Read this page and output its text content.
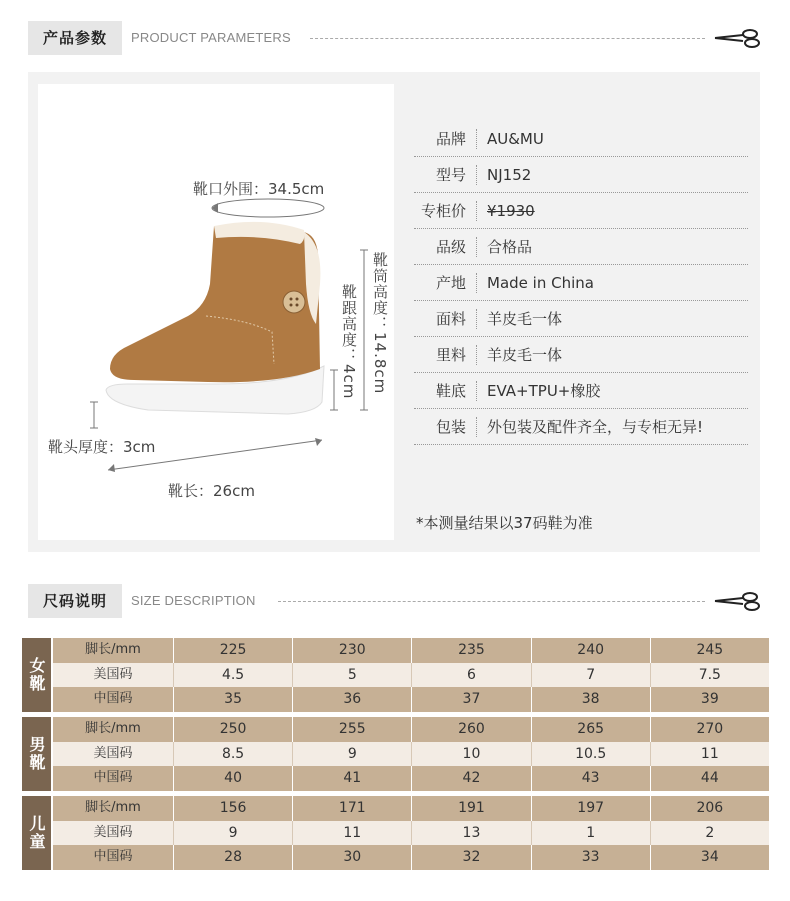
产品参数	PRODUCT PARAMETERS
靴口外围：34.5cm
靴筒高度：14.8cm
靴跟高度：4cm
靴头厚度：3cm
靴长：26cm
品牌 AU&MU
型号 NJ152
专柜价 ¥1930
品级 合格品
产地 Made in China
面料 羊皮毛一体
里料 羊皮毛一体
鞋底 EVA+TPU+橡胶
包装 外包装及配件齐全，与专柜无异!
*本测量结果以37码鞋为准
尺码说明	SIZE DESCRIPTION
女靴
脚长/mm	225	230	235	240	245
美国码	4.5	5	6	7	7.5
中国码	35	36	37	38	39
男靴
脚长/mm	250	255	260	265	270
美国码	8.5	9	10	10.5	11
中国码	40	41	42	43	44
儿童
脚长/mm	156	171	191	197	206
美国码	9	11	13	1	2
中国码	28	30	32	33	34
